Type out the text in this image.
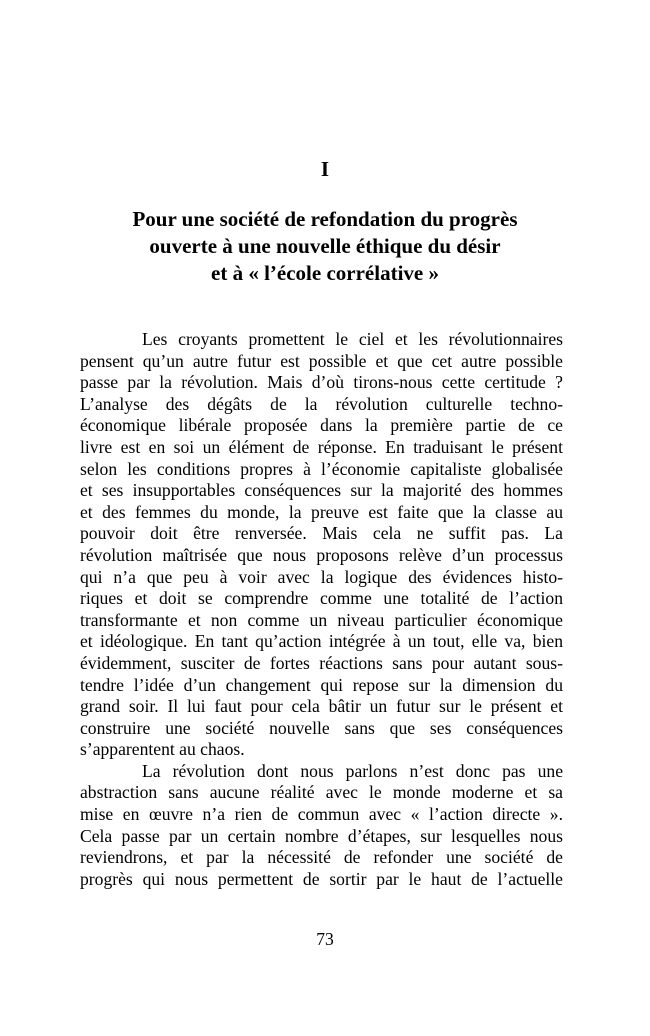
I
Pour une société de refondation du progrès
ouverte à une nouvelle éthique du désir
et à « l’école corrélative »

Les croyants promettent le ciel et les révolutionnaires
pensent qu’un autre futur est possible et que cet autre possible
passe par la révolution. Mais d’où tirons-nous cette certitude ?
L’analyse des dégâts de la révolution culturelle techno-
économique libérale proposée dans la première partie de ce
livre est en soi un élément de réponse. En traduisant le présent
selon les conditions propres à l’économie capitaliste globalisée
et ses insupportables conséquences sur la majorité des hommes
et des femmes du monde, la preuve est faite que la classe au
pouvoir doit être renversée. Mais cela ne suffit pas. La
révolution maîtrisée que nous proposons relève d’un processus
qui n’a que peu à voir avec la logique des évidences histo-
riques et doit se comprendre comme une totalité de l’action
transformante et non comme un niveau particulier économique
et idéologique. En tant qu’action intégrée à un tout, elle va, bien
évidemment, susciter de fortes réactions sans pour autant sous-
tendre l’idée d’un changement qui repose sur la dimension du
grand soir. Il lui faut pour cela bâtir un futur sur le présent et
construire une société nouvelle sans que ses conséquences
s’apparentent au chaos.

La révolution dont nous parlons n’est donc pas une
abstraction sans aucune réalité avec le monde moderne et sa
mise en œuvre n’a rien de commun avec « l’action directe ».
Cela passe par un certain nombre d’étapes, sur lesquelles nous
reviendrons, et par la nécessité de refonder une société de
progrès qui nous permettent de sortir par le haut de l’actuelle

73
